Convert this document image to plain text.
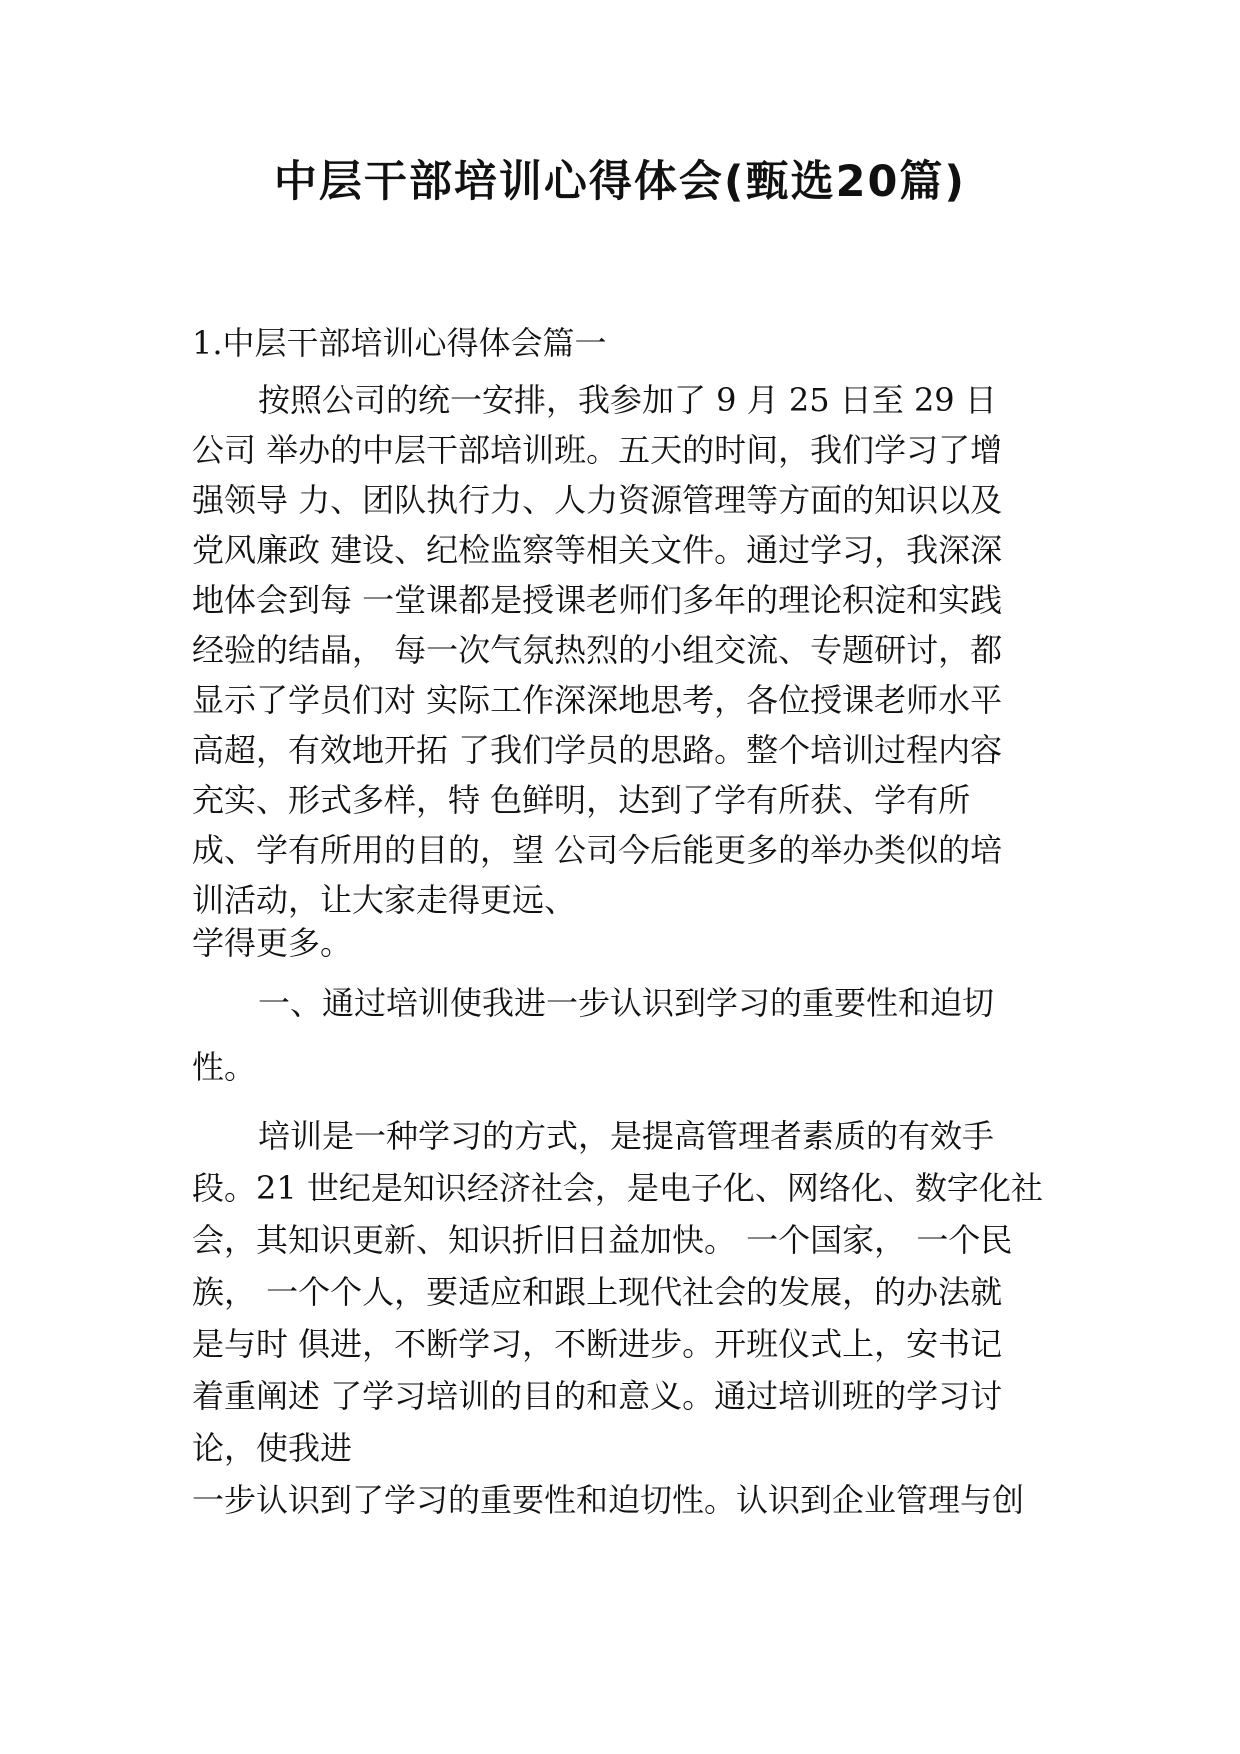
中层干部培训心得体会(甄选20篇)

1.中层干部培训心得体会篇一

按照公司的统一安排，我参加了 9 月 25 日至 29 日

公司 举办的中层干部培训班。五天的时间，我们学习了增

强领导 力、团队执行力、人力资源管理等方面的知识以及

党风廉政 建设、纪检监察等相关文件。通过学习，我深深

地体会到每 一堂课都是授课老师们多年的理论积淀和实践

经验的结晶， 每一次气氛热烈的小组交流、专题研讨，都

显示了学员们对 实际工作深深地思考，各位授课老师水平

高超，有效地开拓 了我们学员的思路。整个培训过程内容

充实、形式多样，特 色鲜明，达到了学有所获、学有所

成、学有所用的目的，望 公司今后能更多的举办类似的培

训活动，让大家走得更远、

学得更多。

一、通过培训使我进一步认识到学习的重要性和迫切

性。

培训是一种学习的方式，是提高管理者素质的有效手

段。21 世纪是知识经济社会，是电子化、网络化、数字化社

会，其知识更新、知识折旧日益加快。 一个国家， 一个民

族， 一个个人，要适应和跟上现代社会的发展，的办法就

是与时 俱进，不断学习，不断进步。开班仪式上，安书记

着重阐述 了学习培训的目的和意义。通过培训班的学习讨

论，使我进

一步认识到了学习的重要性和迫切性。认识到企业管理与创
